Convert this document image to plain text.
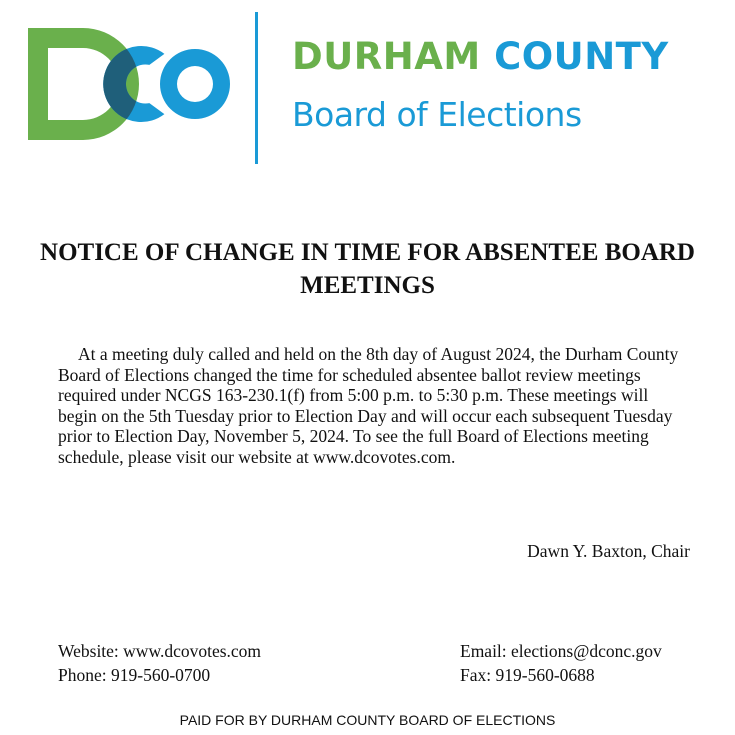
DURHAM COUNTY
Board of Elections
NOTICE OF CHANGE IN TIME FOR ABSENTEE BOARD MEETINGS

At a meeting duly called and held on the 8th day of August 2024, the Durham County Board of Elections changed the time for scheduled absentee ballot review meetings required under NCGS 163-230.1(f) from 5:00 p.m. to 5:30 p.m. These meetings will begin on the 5th Tuesday prior to Election Day and will occur each subsequent Tuesday prior to Election Day, November 5, 2024. To see the full Board of Elections meeting schedule, please visit our website at www.dcovotes.com.

Dawn Y. Baxton, Chair
Website: www.dcovotes.com
Phone: 919-560-0700
Email: elections@dconc.gov
Fax: 919-560-0688
PAID FOR BY DURHAM COUNTY BOARD OF ELECTIONS
